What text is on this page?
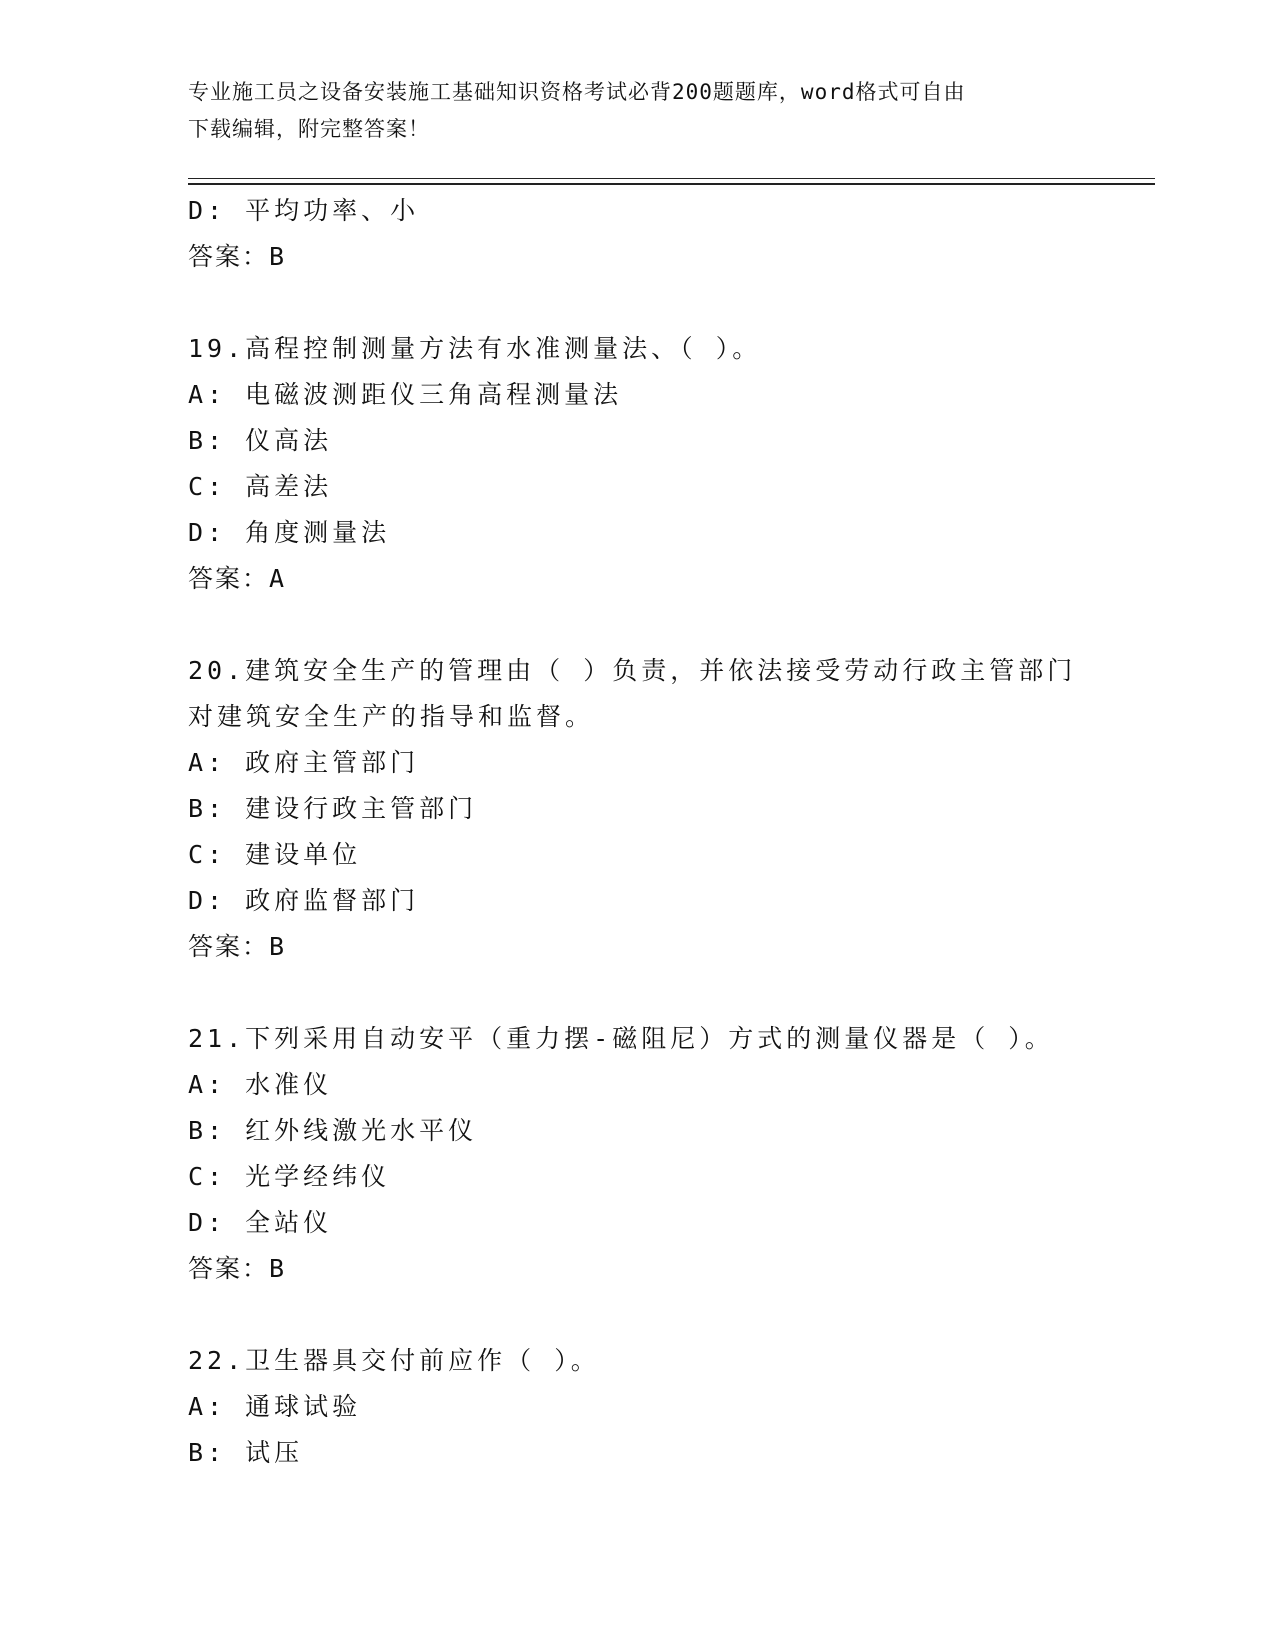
专业施工员之设备安装施工基础知识资格考试必背200题题库，word格式可自由
下载编辑，附完整答案！
D: 平均功率、小
答案：B
19.高程控制测量方法有水准测量法、（ ）。
A: 电磁波测距仪三角高程测量法
B: 仪高法
C: 高差法
D: 角度测量法
答案：A
20.建筑安全生产的管理由（ ）负责，并依法接受劳动行政主管部门
对建筑安全生产的指导和监督。
A: 政府主管部门
B: 建设行政主管部门
C: 建设单位
D: 政府监督部门
答案：B
21.下列采用自动安平（重力摆-磁阻尼）方式的测量仪器是（ ）。
A: 水准仪
B: 红外线激光水平仪
C: 光学经纬仪
D: 全站仪
答案：B
22.卫生器具交付前应作（ ）。
A: 通球试验
B: 试压
